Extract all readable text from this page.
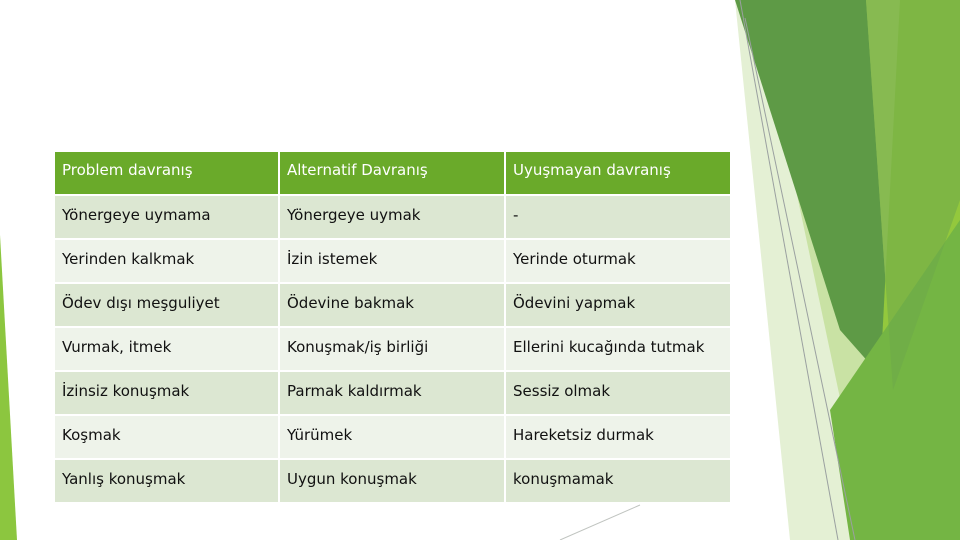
Problem davranış	Alternatif Davranış	Uyuşmayan davranış
Yönergeye uymama	Yönergeye uymak	-
Yerinden kalkmak	İzin istemek	Yerinde oturmak
Ödev dışı meşguliyet	Ödevine bakmak	Ödevini yapmak
Vurmak, itmek	Konuşmak/iş birliği	Ellerini kucağında tutmak
İzinsiz konuşmak	Parmak kaldırmak	Sessiz olmak
Koşmak	Yürümek	Hareketsiz durmak
Yanlış konuşmak	Uygun konuşmak	konuşmamak
